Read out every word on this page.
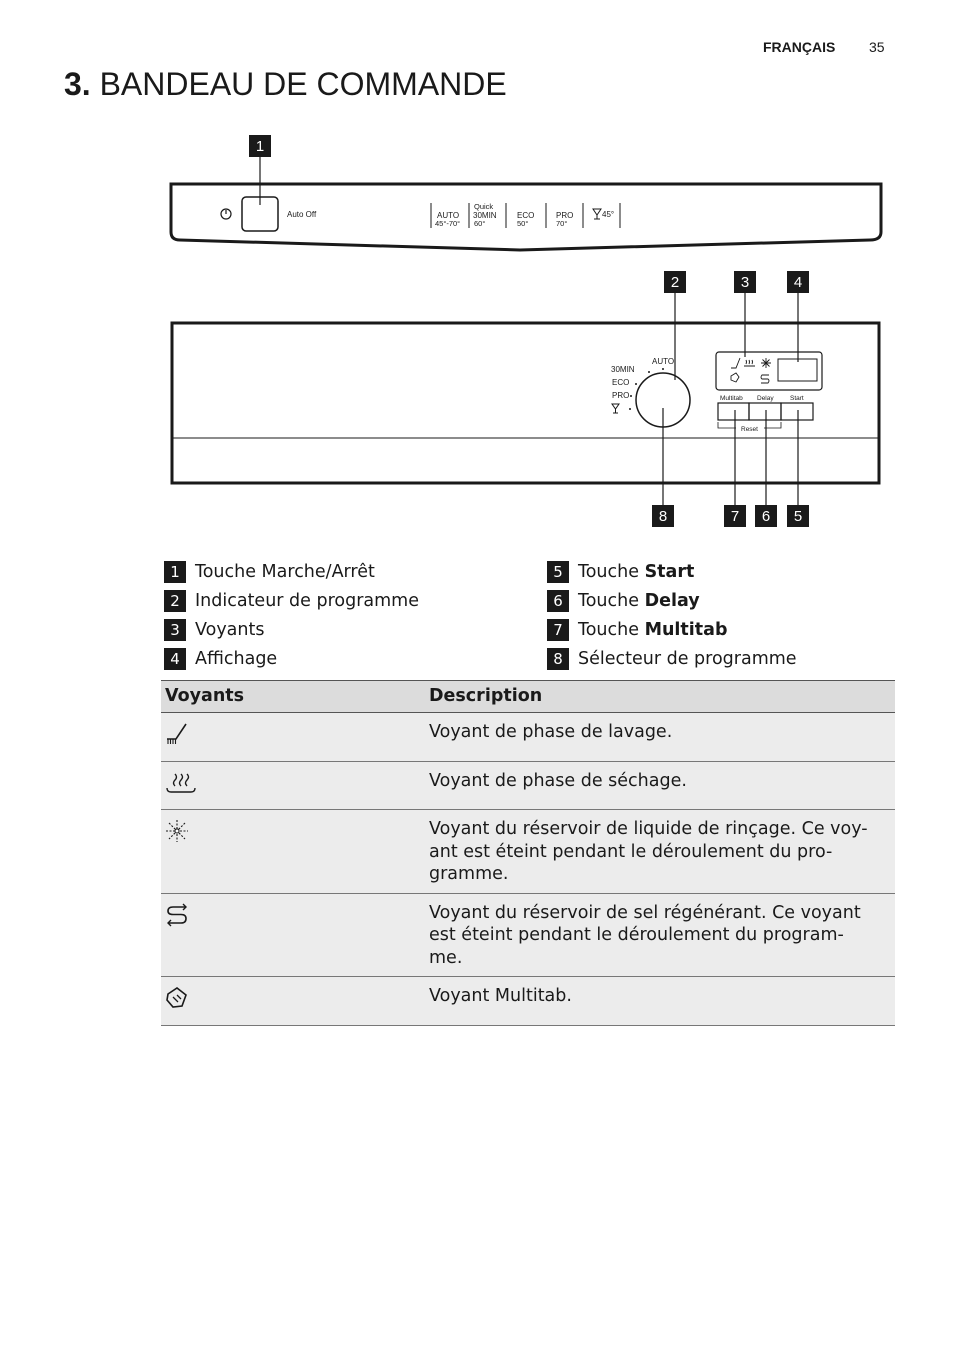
FRANÇAIS 35
3. BANDEAU DE COMMANDE
Auto Off	AUTO
45°-70°
Quick
30MIN
60°
ECO
50°
PRO
70°
45°
AUTO
30MIN
ECO
PRO	Multitab Delay	Start
Reset
1
2	3	4
5
6
7
8
1 Touche Marche/Arrêt
2 Indicateur de programme
3 Voyants
4 Affichage
5 Touche Start
6 Touche Delay
7 Touche Multitab
8 Sélecteur de programme
Voyants	Description
	Voyant de phase de lavage.
	Voyant de phase de séchage.
	Voyant du réservoir de liquide de rinçage. Ce voy-
ant est éteint pendant le déroulement du pro-
gramme.
	Voyant du réservoir de sel régénérant. Ce voyant
est éteint pendant le déroulement du program-
me.
	Voyant Multitab.
